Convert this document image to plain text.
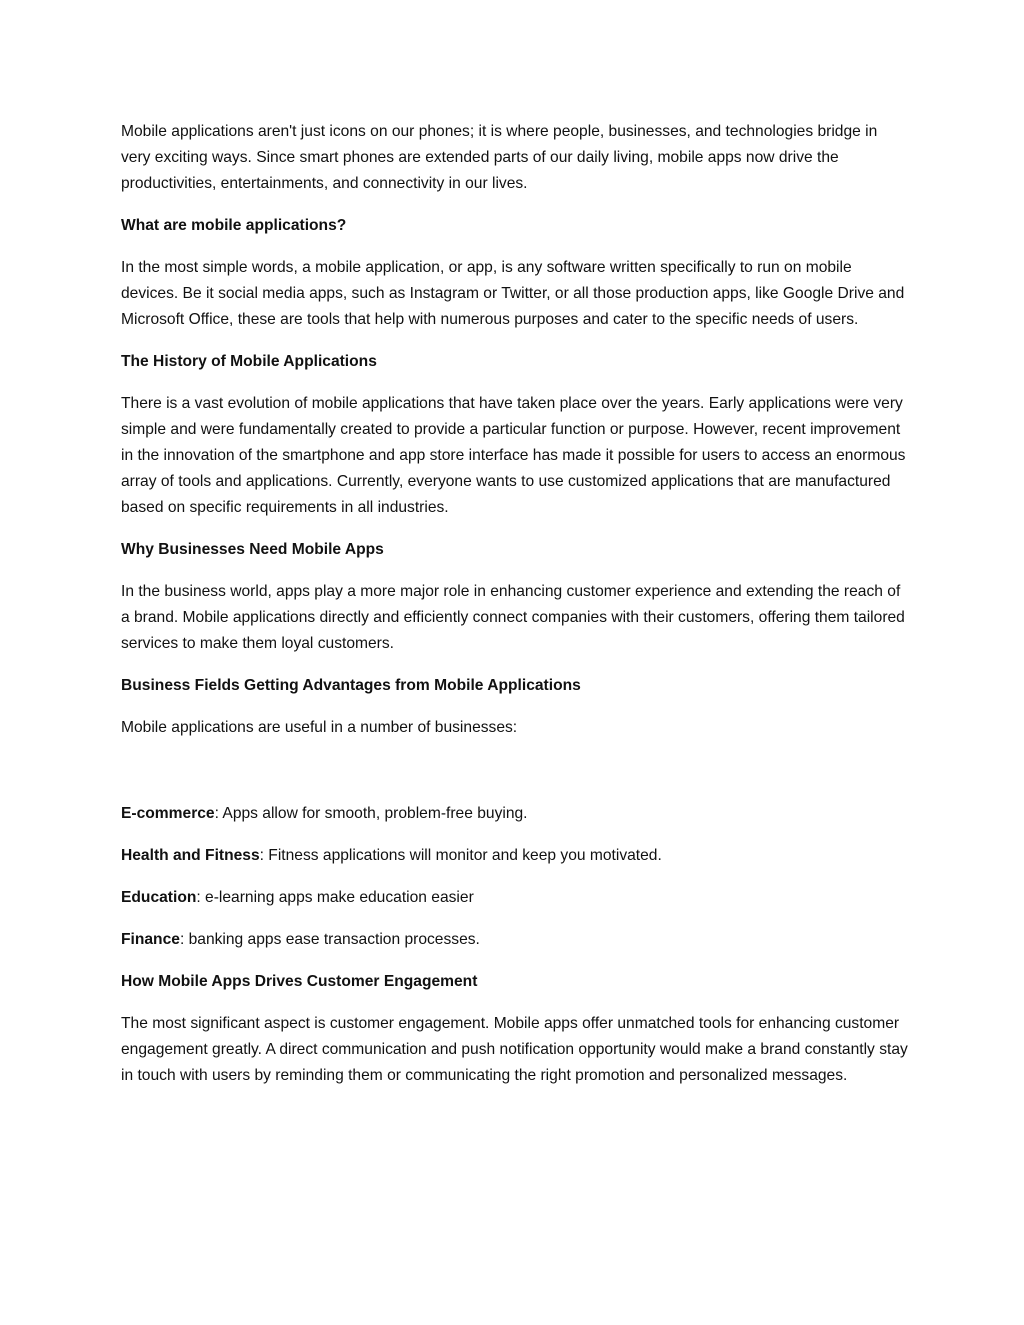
Mobile applications aren't just icons on our phones; it is where people, businesses, and technologies bridge in very exciting ways. Since smart phones are extended parts of our daily living, mobile apps now drive the productivities, entertainments, and connectivity in our lives.

What are mobile applications?

In the most simple words, a mobile application, or app, is any software written specifically to run on mobile devices. Be it social media apps, such as Instagram or Twitter, or all those production apps, like Google Drive and Microsoft Office, these are tools that help with numerous purposes and cater to the specific needs of users.

The History of Mobile Applications

There is a vast evolution of mobile applications that have taken place over the years. Early applications were very simple and were fundamentally created to provide a particular function or purpose. However, recent improvement in the innovation of the smartphone and app store interface has made it possible for users to access an enormous array of tools and applications. Currently, everyone wants to use customized applications that are manufactured based on specific requirements in all industries.

Why Businesses Need Mobile Apps

In the business world, apps play a more major role in enhancing customer experience and extending the reach of a brand. Mobile applications directly and efficiently connect companies with their customers, offering them tailored services to make them loyal customers.

Business Fields Getting Advantages from Mobile Applications

Mobile applications are useful in a number of businesses:

E-commerce: Apps allow for smooth, problem-free buying.

Health and Fitness: Fitness applications will monitor and keep you motivated.

Education: e-learning apps make education easier

Finance: banking apps ease transaction processes.

How Mobile Apps Drives Customer Engagement

The most significant aspect is customer engagement. Mobile apps offer unmatched tools for enhancing customer engagement greatly. A direct communication and push notification opportunity would make a brand constantly stay in touch with users by reminding them or communicating the right promotion and personalized messages.
